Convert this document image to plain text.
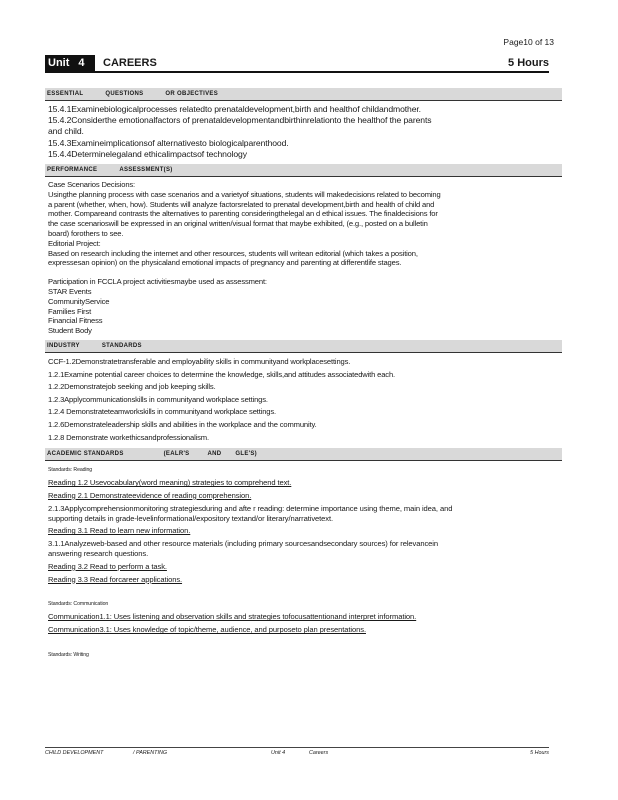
Page10 of 13
Unit 4 CAREERS	5 Hours
ESSENTIAL	QUESTIONS	OR OBJECTIVES

15.4.1Examinebiologicalprocesses relatedto prenataldevelopment,birth and healthof childandmother.

15.4.2Considerthe emotionalfactors of prenataldevelopmentandbirthinrelationto the healthof the parents

and child.

15.4.3Examineimplicationsof alternativesto biologicalparenthood.

15.4.4Determinelegaland ethicalimpactsof technology

PERFORMANCE	ASSESSMENT(S)

Case Scenarios Decisions:

Usingthe planning process with case scenarios and a varietyof situations, students will makedecisions related to becoming

a parent (whether, when, how). Students will analyze factorsrelated to prenatal development,birth and health of child and

mother. Compareand contrasts the alternatives to parenting consideringthelegal an d ethical issues. The finaldecisions for

the case scenarioswill be expressed in an original written/visual format that maybe exhibited, (e.g., posted on a bulletin

board) forothers to see.

Editorial Project:

Based on research including the internet and other resources, students will writean editorial (which takes a position,

expressesan opinion) on the physicaland emotional impacts of pregnancy and parenting at differentlife stages.

Participation in FCCLA project activitiesmaybe used as assessment:

STAR Events

CommunityService

Families First

Financial Fitness

Student Body

INDUSTRY	STANDARDS

CCF-1.2Demonstratetransferable and employability skills in communityand workplacesettings.

1.2.1Examine potential career choices to determine the knowledge, skills,and attitudes associatedwith each.

1.2.2Demonstratejob seeking and job keeping skills.

1.2.3Applycommunicationskills in communityand workplace settings.

1.2.4 Demonstrateteamworkskills in communityand workplace settings.

1.2.6Demonstrateleadership skills and abilities in the workplace and the community.

1.2.8 Demonstrate workethicsandprofessionalism.

ACADEMIC STANDARDS	(EALR'S	AND GLE'S)
Standards: Reading

Reading 1.2 Usevocabulary(word meaning) strategies to comprehend text.

Reading 2.1 Demonstrateevidence of reading comprehension.

2.1.3Applycomprehensionmonitoring strategiesduring and afte r reading: determine importance using theme, main idea, and

supporting details in grade-levelinformational/expository textand/or literary/narrativetext.

Reading 3.1 Read to learn new information.

3.1.1Analyzeweb-based and other resource materials (including primary sourcesandsecondary sources) for relevancein

answering research questions.

Reading 3.2 Read to perform a task.

Reading 3.3 Read forcareer applications.

Standards: Communication

Communication1.1: Uses listening and observation skills and strategies tofocusattentionand interpret information.

Communication3.1: Uses knowledge of topic/theme, audience, and purposeto plan presentations.

Standards: Writing
CHILD DEVELOPMENT	/ PARENTING	Unit 4	Careers	5 Hours
